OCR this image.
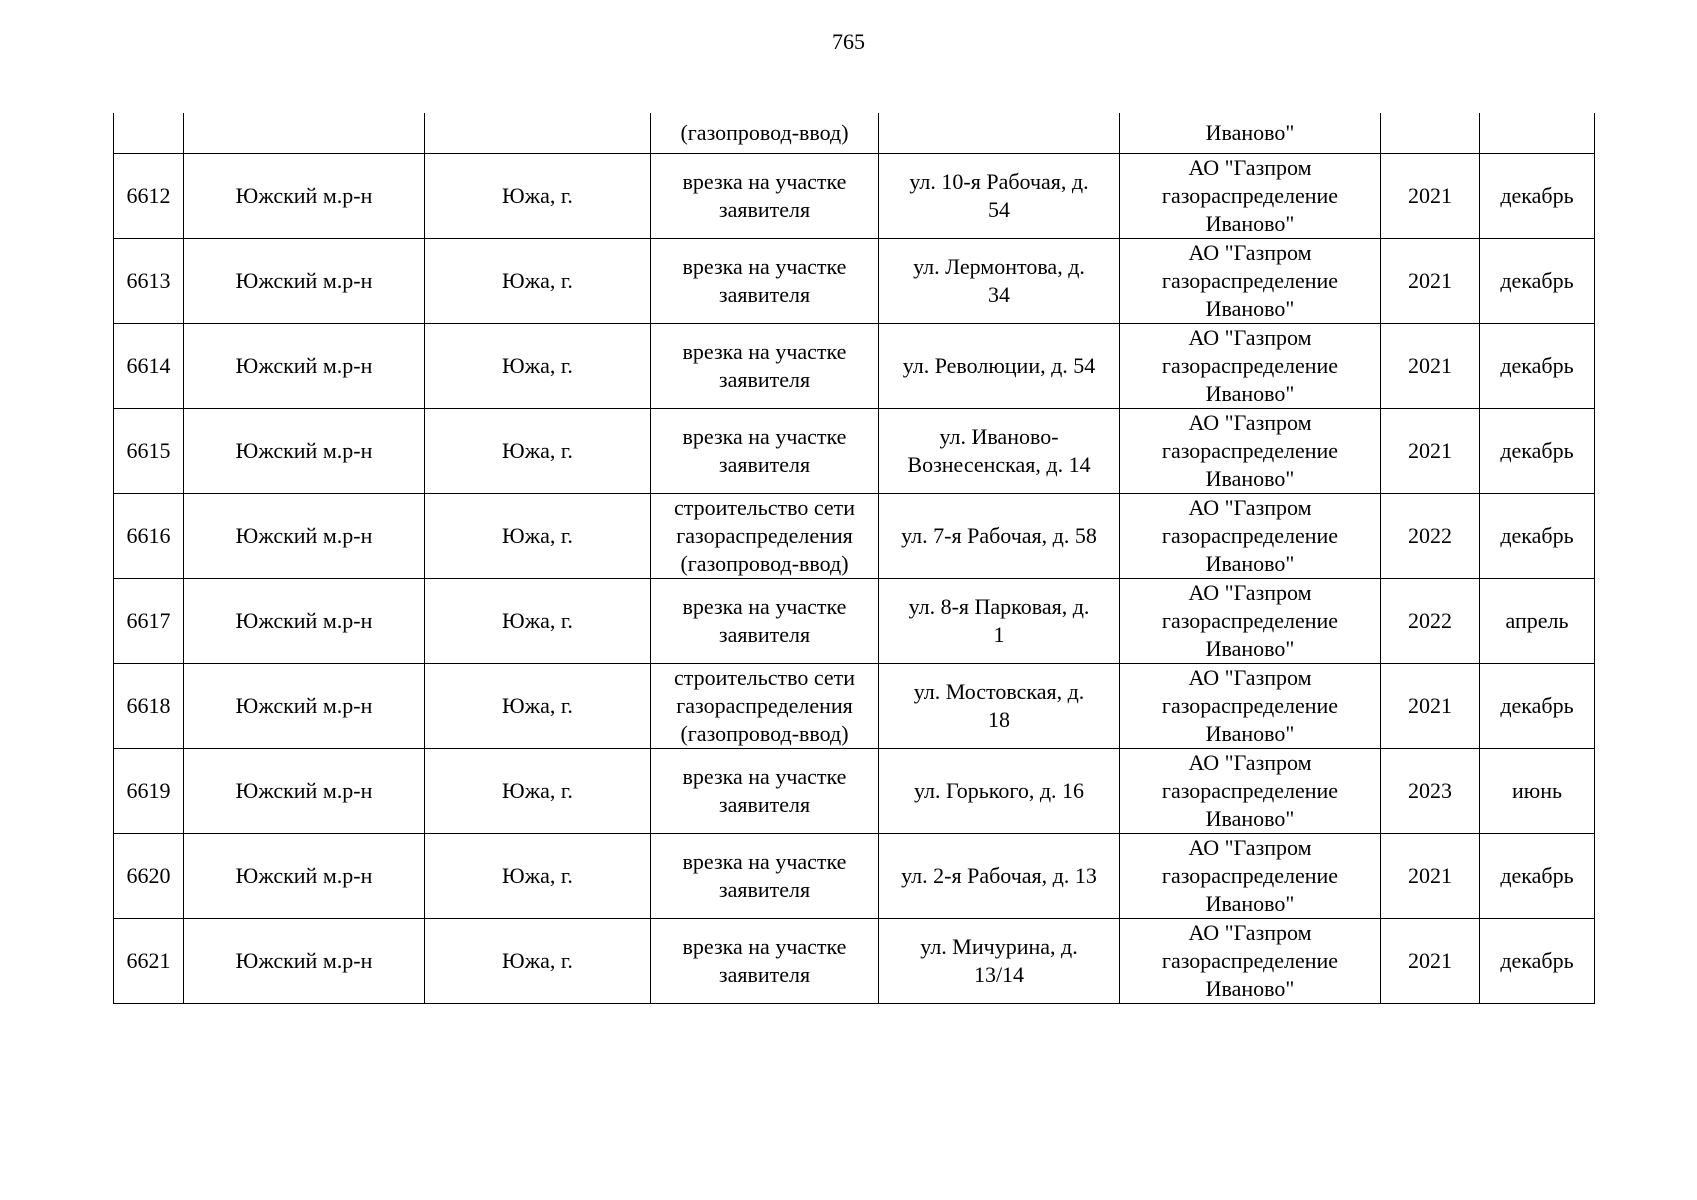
765

			(газопровод-ввод)		Иваново"		

6612	Южский м.р-н	Южа, г.	врезка на участке
заявителя	ул. 10-я Рабочая, д.
54	АО "Газпром
газораспределение
Иваново"	2021	декабрь

6613	Южский м.р-н	Южа, г.	врезка на участке
заявителя	ул. Лермонтова, д.
34	АО "Газпром
газораспределение
Иваново"	2021	декабрь

6614	Южский м.р-н	Южа, г.	врезка на участке
заявителя	ул. Революции, д. 54	АО "Газпром
газораспределение
Иваново"	2021	декабрь

6615	Южский м.р-н	Южа, г.	врезка на участке
заявителя	ул. Иваново-
Вознесенская, д. 14	АО "Газпром
газораспределение
Иваново"	2021	декабрь

6616	Южский м.р-н	Южа, г.	строительство сети
газораспределения
(газопровод-ввод)	ул. 7-я Рабочая, д. 58	АО "Газпром
газораспределение
Иваново"	2022	декабрь

6617	Южский м.р-н	Южа, г.	врезка на участке
заявителя	ул. 8-я Парковая, д.
1	АО "Газпром
газораспределение
Иваново"	2022	апрель

6618	Южский м.р-н	Южа, г.	строительство сети
газораспределения
(газопровод-ввод)	ул. Мостовская, д.
18	АО "Газпром
газораспределение
Иваново"	2021	декабрь

6619	Южский м.р-н	Южа, г.	врезка на участке
заявителя	ул. Горького, д. 16	АО "Газпром
газораспределение
Иваново"	2023	июнь

6620	Южский м.р-н	Южа, г.	врезка на участке
заявителя	ул. 2-я Рабочая, д. 13	АО "Газпром
газораспределение
Иваново"	2021	декабрь

6621	Южский м.р-н	Южа, г.	врезка на участке
заявителя	ул. Мичурина, д.
13/14	АО "Газпром
газораспределение
Иваново"	2021	декабрь
